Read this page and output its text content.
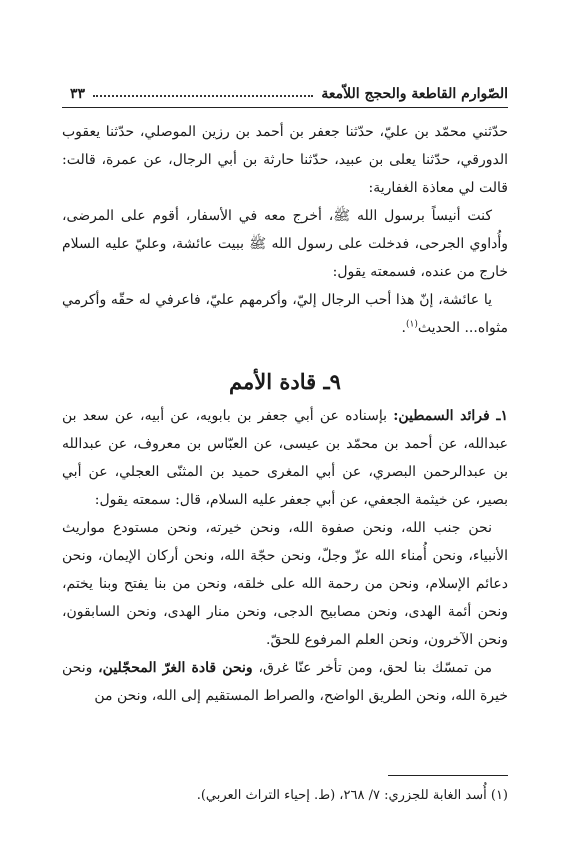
الصّوارم القاطعة والحجج اللاّمعة
٣٣

حدّثني محمّد بن عليّ، حدّثنا جعفر بن أحمد بن رزين الموصلي، حدّثنا يعقوب الدورقي، حدّثنا يعلى بن عبيد، حدّثنا حارثة بن أبي الرجال، عن عمرة، قالت: قالت لي معاذة الغفارية:

كنت أنيساً برسول الله ﷺ، أخرج معه في الأسفار، أقوم على المرضى، وأُداوي الجرحى، فدخلت على رسول الله ﷺ ببيت عائشة، وعليّ عليه السلام خارج من عنده، فسمعته يقول:

يا عائشة، إنّ هذا أحب الرجال إليّ، وأكرمهم عليّ، فاعرفي له حقّه وأكرمي مثواه... الحديث$^{(١)}$.

٩ـ قادة الأمم

١ـ فرائد السمطين: بإسناده عن أبي جعفر بن بابويه، عن أبيه، عن سعد بن عبدالله، عن أحمد بن محمّد بن عيسى، عن العبّاس بن معروف، عن عبدالله بن عبدالرحمن البصري، عن أبي المغرى حميد بن المثنّى العجلي، عن أبي بصير، عن خيثمة الجعفي، عن أبي جعفر عليه السلام، قال: سمعته يقول:

نحن جنب الله، ونحن صفوة الله، ونحن خيرته، ونحن مستودع مواريث الأنبياء، ونحن أُمناء الله عزّ وجلّ، ونحن حجّة الله، ونحن أركان الإيمان، ونحن دعائم الإسلام، ونحن من رحمة الله على خلقه، ونحن من بنا يفتح وبنا يختم، ونحن أئمة الهدى، ونحن مصابيح الدجى، ونحن منار الهدى، ونحن السابقون، ونحن الآخرون، ونحن العلم المرفوع للحقّ.

من تمسّك بنا لحق، ومن تأخر عنّا غرق، ونحن قادة الغرّ المحجّلين، ونحن خيرة الله، ونحن الطريق الواضح، والصراط المستقيم إلى الله، ونحن من

(١) أُسد الغابة للجزري: ٧/ ٢٦٨، (ط. إحياء التراث العربي).
